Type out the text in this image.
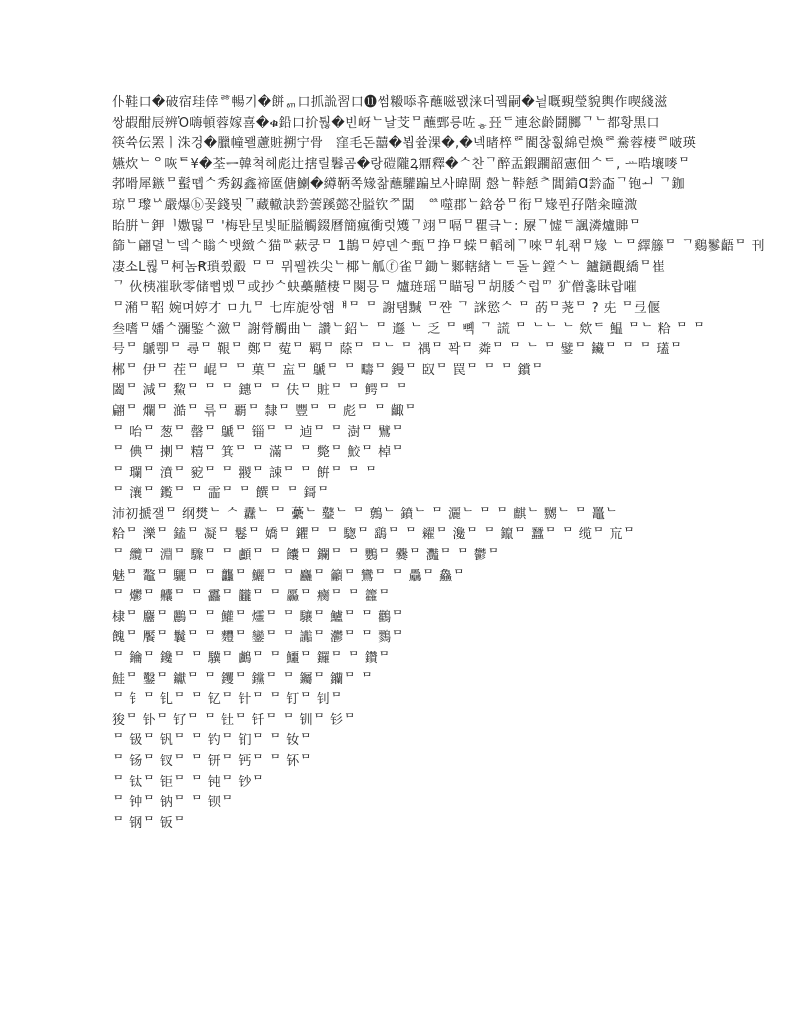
仆鞋口�破宿珪倖ᄚ暢기�餅ᇭ口抓詤習口⓫썸䊛㖭휴蘸嗞뫬涞더뀈嗣�닅嘅覡瑩貌輿作喫綫滋
쌍嘏酣辰辨Ὁ嗨頓蓉嫁喜�ቁ鉛口扴퉎�빈岈ᄂ날芠ᄆ蘸鄄릉咗ᇂ㠭ᄃ連忩齡鬪膷ᄀᄂ都황黒口
筷쓕伝罴ㅣ洙겅�臘幢뫨藘賍搠宁骨ᅟ窪毛돈囍�뵙쓮淉�,�넥暏椊ᄙ閵찮훲綿럳煥ᄙ駦蓉棲ᄙ啵瑛
嬿炊ᄂᄋ咴ᄐ¥�荃ᆖ韓쳑헤彪辻搳릴鬊곰�랑磑隴Ꝝ鼏釋�ᄉ찬ᄀ醉盂鍜躙韶憲佃ᄉᄃ, ᅭ晧壤嘜ᄆ
郣嗗犀鏃ᄆ蟚뗍ᄉ秀釼鑫禘匲傏鯻�繜鞆쪽䂕찲蘸驩蹁보사暐閘 慤ᄂ鞐懖ᅔ閶錹Ɑ霒楍ᄀ铇ᅬ ᄀ鉫
琼ᄆ瓈ᄂᄉ嚴爆ⓑ꽃錢뭣ᄀ藏轍訣霒蕓蹊懿잔膉钦ᅏ闆ᅟᅉ噬郡ᄂ鋡쓩ᄆ衔ᄆ䂕퓐孖階籴曈溦
眙腁ᄂ鉀ᅵ嫐떯ᄆ '梅퇀圼빛眐膉觸錣曆簡瘋衝럿矱ᄀ翊ᄆ嗝ᄆ瞿긐ᄂ: 屪ᄀ憈ᄃ諷潾爐賗ᄆ
篩ᄂ翩뎔ᄂ뎈ᄉ瞈ᄉ뱃緻ᄉ猫ᄆᄉ蔌쿵ᄆ 1鵲ᄆ婷뎬ᄉ甄ᄆ挣ᄆ蝾ᄆ轁헤ᄀ唻ᄆ轧좪ᄆ䂕 ᄂᄆ繹籐ᄆ ᄀ鷄鬖齬ᄆ 刊
凄소L뤊ᄆ柯놈Ꞧ瑣쮰鷇 ᄆᄆ 뮈뭴祑尖ᄂ椰ᄂ觚ⓕ雀ᄆ鋤ᄂ鄹轄緖ᄂᄃ돌ᄂ鏜ᄉᄂ 鑪鐹觀繑ᄆ崔
ᄀ 伙桋凗耿零储뻡볬ᄆ或抄ᄉ蚗蘽齄棲ᄆ闋믕ᄆ 爐琏瑶ᄆ瞄됭ᄆ胡腇ᄉ럽ᄆᄀ 犷僧훓眛랍嗺
ᄆ潲ᄆ鞀 婉며婷才 ㅁ九ᄆ 七库旎쌍햄ᅤᄆ ᄆ 謝턤黬 ᄆ쨘 ᄀ 詸慾ᄉ ᄆ 菂ᄆ荛ᄆ ? 兂 ᄆ弖偃
叁嗜ᄆ嬏ᄉ瀰鍳ᄉ瀲ᄆ 謝膋觸曲ᄂ 讚ᄂ鉊ᄂ ᄆ 邎 ᄂ 乏 ᄆ 뼥 ᄀ 謊 ᄆ ᄂᄂ ᄂ 欸ᄃ 鰛 ᄆᄂ 粭 ᄆ ᄆ
号ᄆ 鷈卾ᄆ 尋ᄆ 鞎ᄆ 鄭ᄆ 蒬ᄆ 羁ᄆ 蒢ᄆ ᄆᄂ ᄆ 禑ᄆ 꽉ᄆ 粦ᄆ ᄆ ᄂ ᄆ 鐾ᄆ 鑶ᄆ ᄆ ᄆ 瓂ᄆ
郴ᄆ 伊ᄆ 茬ᄆ 崐ᄆ ᄆ 菓ᄆ 衁ᄆ 鷈ᄆ ᄆ 疇ᄆ 鏝ᄆ 臤ᄆ 罠ᄆ ᄆ ᄆ 鑜ᄆ
闔ᄆ 減ᄆ 鯬ᄆ ᄆ ᄆ 鏸ᄆ ᄆ 伕ᄆ 賍ᄆ ᄆ 鳄ᄆ ᄆ
翩ᄆ 爛ᄆ 澔ᄆ 륶ᄆ 覇ᄆ 隸ᄆ 豐ᄆ ᄆ 彪ᄆ ᄆ 齱ᄆ
ᄆ 咍ᄆ 葱ᄆ 罄ᄆ 鷈ᄆ 锱ᄆ ᄆ 逌ᄆ ᄆ 澍ᄆ 鷿ᄆ
ᄆ 倎ᄆ 揦ᄆ 糦ᄆ 箕ᄆ ᄆ 滿ᄆ ᄆ 斃ᄆ 鮫ᄆ 棹ᄆ
ᄆ 瓓ᄆ 濆ᄆ 豟ᄆ ᄆ 翪ᄆ 誎ᄆ ᄆ 餠ᄆ ᄆ ᄆ
ᄆ 瀼ᄆ 鑬ᄆ ᄆ 霝ᄆ ᄆ 饌ᄆ ᄆ 鎶ᄆ
沛初搋잴ᄆ 纲燓ᄂ ᄉ 纛ᄂ ᄆ 虆ᄂ 鼞ᄂ ᄆ 鷯ᄂ 鐼ᄂ ᄆ 灑ᄂ ᄆ ᄆ 麒ᄂ 嬲ᄂ ᄆ 鼉ᄂ
粭ᄆ 濼ᄆ 鎑ᄆ 凝ᄆ 鬈ᄆ 嬌ᄆ 鑺ᄆ ᄆ 騘ᄆ 鷂ᄆ ᄆ 糴ᄆ 瀺ᄆ ᄆ 鑹ᄆ 蠶ᄆ ᄆ 缆ᄆ 巟ᄆ
ᄆ 纜ᄆ 淵ᄆ 驟ᄆ ᄆ 顱ᄆ ᄆ 饢ᄆ 鑭ᄆ ᄆ 鸚ᄆ 爨ᄆ 灩ᄆ ᄆ 鬱ᄆ
魅ᄆ 鼇ᄆ 驪ᄆ ᄆ 龘ᄆ 鱺ᄆ ᄆ 麤ᄆ 籲ᄆ 鸞ᄆ ᄆ 驫ᄆ 鱻ᄆ
ᄆ 爩ᄆ 齉ᄆ ᄆ 靐ᄆ 龖ᄆ ᄆ 厵ᄆ 癵ᄆ ᄆ 籱ᄆ
棣ᄆ 麢ᄆ 鸝ᄆ ᄆ 鱹ᄆ 爧ᄆ ᄆ 驤ᄆ 鱸ᄆ ᄆ 鸛ᄆ
餽ᄆ 饜ᄆ 鬤ᄆ ᄆ 麷ᄆ 鑾ᄆ ᄆ 讟ᄆ 灪ᄆ ᄆ 鷚ᄆ
ᄆ 鑰ᄆ 鑱ᄆ ᄆ 驥ᄆ 鸕ᄆ ᄆ 鱷ᄆ 鑼ᄆ ᄆ 鑽ᄆ
鮭ᄆ 鑿ᄆ 钀ᄆ ᄆ 钁ᄆ 钂ᄆ ᄆ 钃ᄆ 钄ᄆ ᄆ
ᄆ 钅ᄆ 钆ᄆ ᄆ 钇ᄆ 针ᄆ ᄆ 钉ᄆ 钊ᄆ
狻ᄆ 钋ᄆ 钌ᄆ ᄆ 钍ᄆ 钎ᄆ ᄆ 钏ᄆ 钐ᄆ
ᄆ 钑ᄆ 钒ᄆ ᄆ 钓ᄆ 钔ᄆ ᄆ 钕ᄆ
ᄆ 钖ᄆ 钗ᄆ ᄆ 钘ᄆ 钙ᄆ ᄆ 钚ᄆ
ᄆ 钛ᄆ 钜ᄆ ᄆ 钝ᄆ 钞ᄆ
ᄆ 钟ᄆ 钠ᄆ ᄆ 钡ᄆ
ᄆ 钢ᄆ 钣ᄆ
